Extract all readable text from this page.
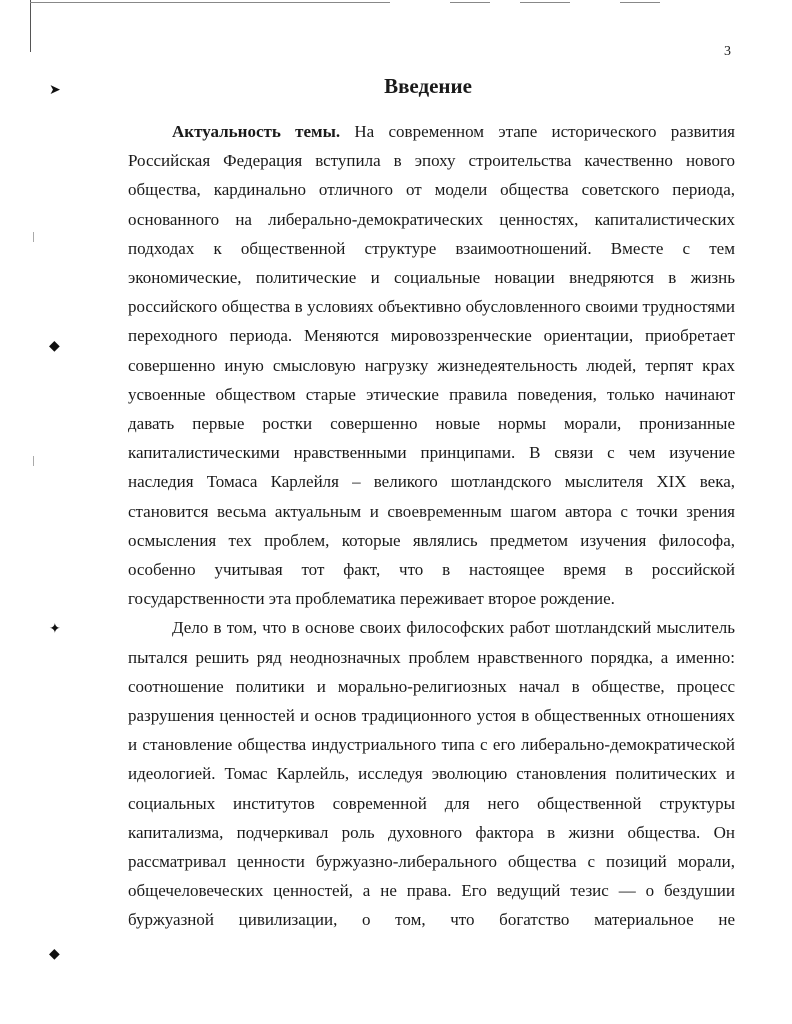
➤
◆
✦
◆
3
Введение

Актуальность темы. На современном этапе исторического развития Российская Федерация вступила в эпоху строительства качественно нового общества, кардинально отличного от модели общества советского периода, основанного на либерально-демократических ценностях, капиталистических подходах к общественной структуре взаимоотношений. Вместе с тем экономические, политические и социальные новации внедряются в жизнь российского общества в условиях объективно обусловленного своими трудностями переходного периода. Меняются мировоззренческие ориентации, приобретает совершенно иную смысловую нагрузку жизнедеятельность людей, терпят крах усвоенные обществом старые этические правила поведения, только начинают давать первые ростки совершенно новые нормы морали, пронизанные капиталистическими нравственными принципами. В связи с чем изучение наследия Томаса Карлейля – великого шотландского мыслителя XIX века, становится весьма актуальным и своевременным шагом автора с точки зрения осмысления тех проблем, которые являлись предметом изучения философа, особенно учитывая тот факт, что в настоящее время в российской государственности эта проблематика переживает второе рождение.

Дело в том, что в основе своих философских работ шотландский мыслитель пытался решить ряд неоднозначных проблем нравственного порядка, а именно: соотношение политики и морально-религиозных начал в обществе, процесс разрушения ценностей и основ традиционного устоя в общественных отношениях и становление общества индустриального типа с его либерально-демократической идеологией. Томас Карлейль, исследуя эволюцию становления политических и социальных институтов современной для него общественной структуры капитализма, подчеркивал роль духовного фактора в жизни общества. Он рассматривал ценности буржуазно-либерального общества с позиций морали, общечеловеческих ценностей, а не права. Его ведущий тезис — о бездушии буржуазной цивилизации, о том, что богатство материальное не
